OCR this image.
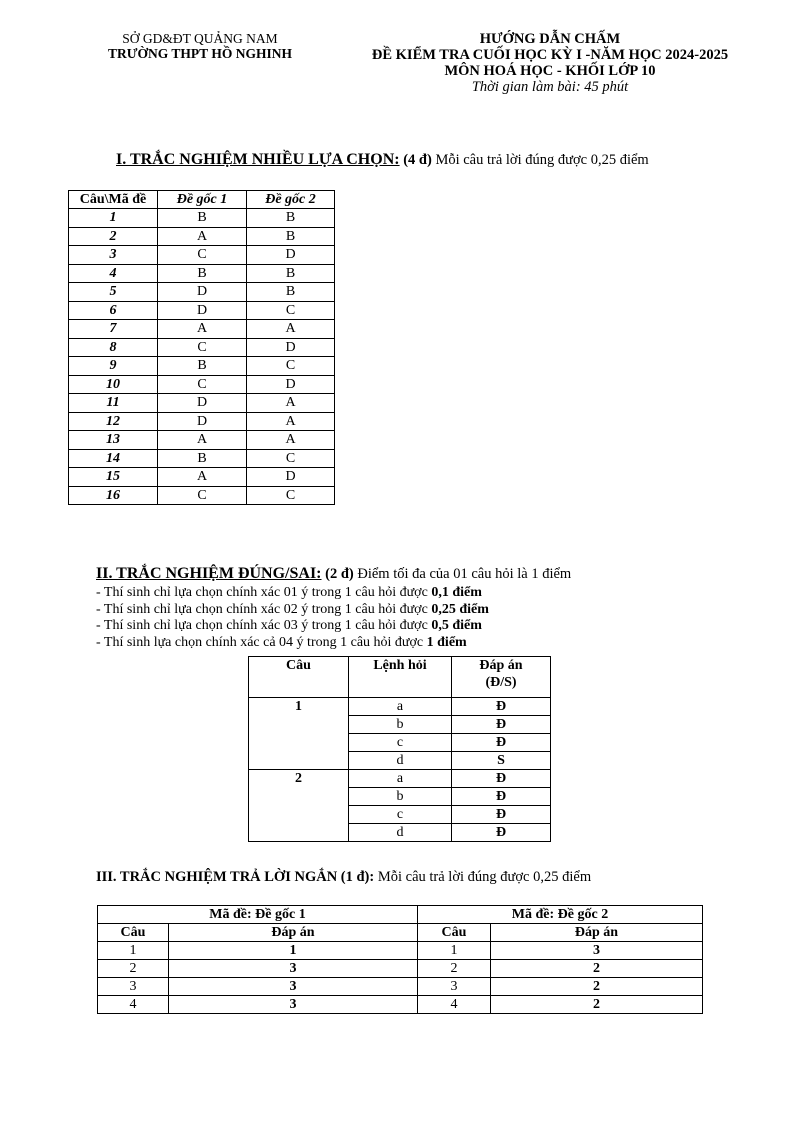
SỞ GD&ĐT QUẢNG NAM
TRƯỜNG THPT HỒ NGHINH
HƯỚNG DẪN CHẤM
ĐỀ KIỂM TRA CUỐI HỌC KỲ I -NĂM HỌC 2024-2025
MÔN HOÁ HỌC - KHỐI LỚP 10
Thời gian làm bài: 45 phút
I. TRẮC NGHIỆM NHIỀU LỰA CHỌN: (4 đ) Mỗi câu trả lời đúng được 0,25 điểm
Câu\Mã đề	Đề gốc 1	Đề gốc 2
1	B	B
2	A	B
3	C	D
4	B	B
5	D	B
6	D	C
7	A	A
8	C	D
9	B	C
10	C	D
11	D	A
12	D	A
13	A	A
14	B	C
15	A	D
16	C	C
II. TRẮC NGHIỆM ĐÚNG/SAI: (2 đ) Điểm tối đa của 01 câu hỏi là 1 điểm
- Thí sinh chỉ lựa chọn chính xác 01 ý trong 1 câu hỏi được 0,1 điểm
- Thí sinh chỉ lựa chọn chính xác 02 ý trong 1 câu hỏi được 0,25 điểm
- Thí sinh chỉ lựa chọn chính xác 03 ý trong 1 câu hỏi được 0,5 điểm
- Thí sinh lựa chọn chính xác cả 04 ý trong 1 câu hỏi được 1 điểm
Câu	Lệnh hỏi	Đáp án
(Đ/S)
1	a	Đ
	b	Đ
	c	Đ
	d	S
2	a	Đ
	b	Đ
	c	Đ
	d	Đ
III. TRẮC NGHIỆM TRẢ LỜI NGẮN (1 đ): Mỗi câu trả lời đúng được 0,25 điểm
Mã đề: Đề gốc 1		Mã đề: Đề gốc 2	
Câu	Đáp án	Câu	Đáp án
1	1	1	3
2	3	2	2
3	3	3	2
4	3	4	2
